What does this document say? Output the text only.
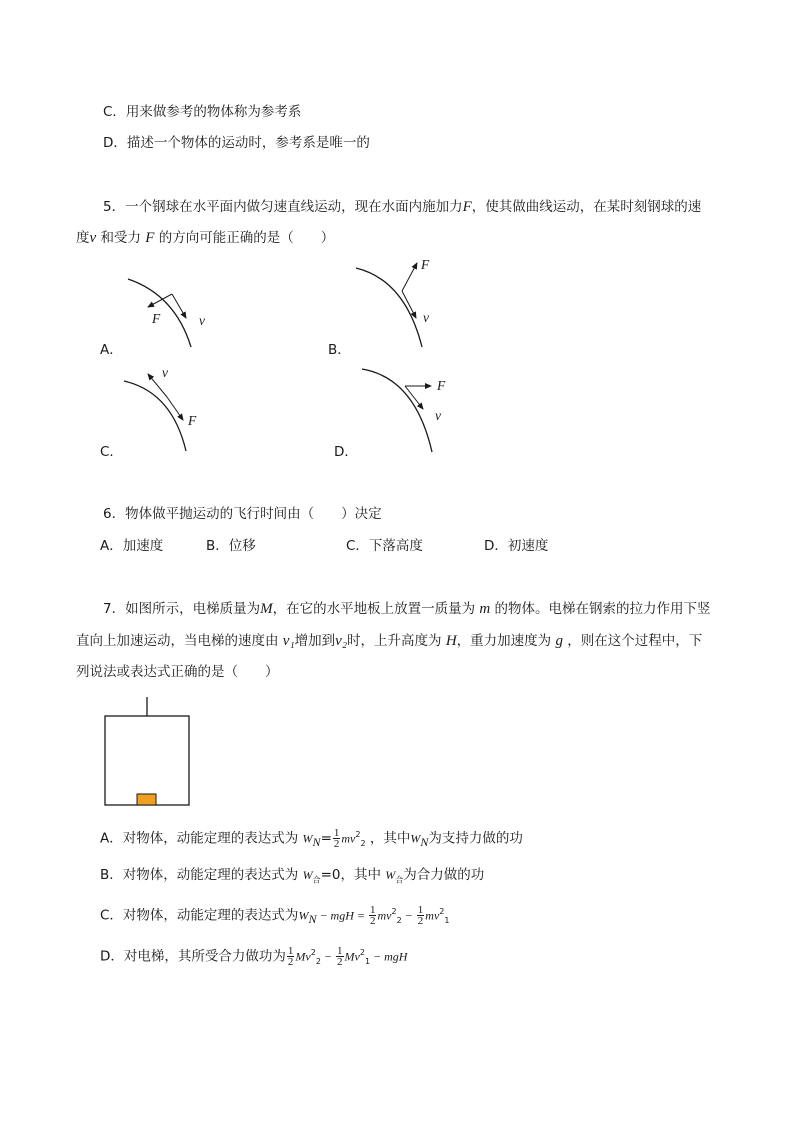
C．用来做参考的物体称为参考系
D．描述一个物体的运动时，参考系是唯一的
5．一个钢球在水平面内做匀速直线运动，现在水面内施加力F，使其做曲线运动，在某时刻钢球的速
度v 和受力 F 的方向可能正确的是（　　）
F	v
F
v
v
F
F
v
A．	B．
C．	D．
6．物体做平抛运动的飞行时间由（　　）决定
A．加速度	B．位移	C．下落高度	D．初速度
7．如图所示，电梯质量为M，在它的水平地板上放置一质量为 m 的物体。电梯在钢索的拉力作用下竖
直向上加速运动，当电梯的速度由 v₁增加到v₂时，上升高度为 H，重力加速度为 g ，则在这个过程中，下
列说法或表达式正确的是（　　）
A．对物体，动能定理的表达式为 $W_N= \frac{1}{2} mv^2_2$ ，其中$W_N$为支持力做的功
B．对物体，动能定理的表达式为 $W_合=0$，其中 $W_合$为合力做的功
C．对物体，动能定理的表达式为$W_N$ − mgH = $\frac{1}{2} mv^2_2 - \frac{1}{2} mv^2_1$
D．对电梯，其所受合力做功为 $\frac{1}{2} Mv^2_2 - \frac{1}{2} Mv^2_1$ − mgH
